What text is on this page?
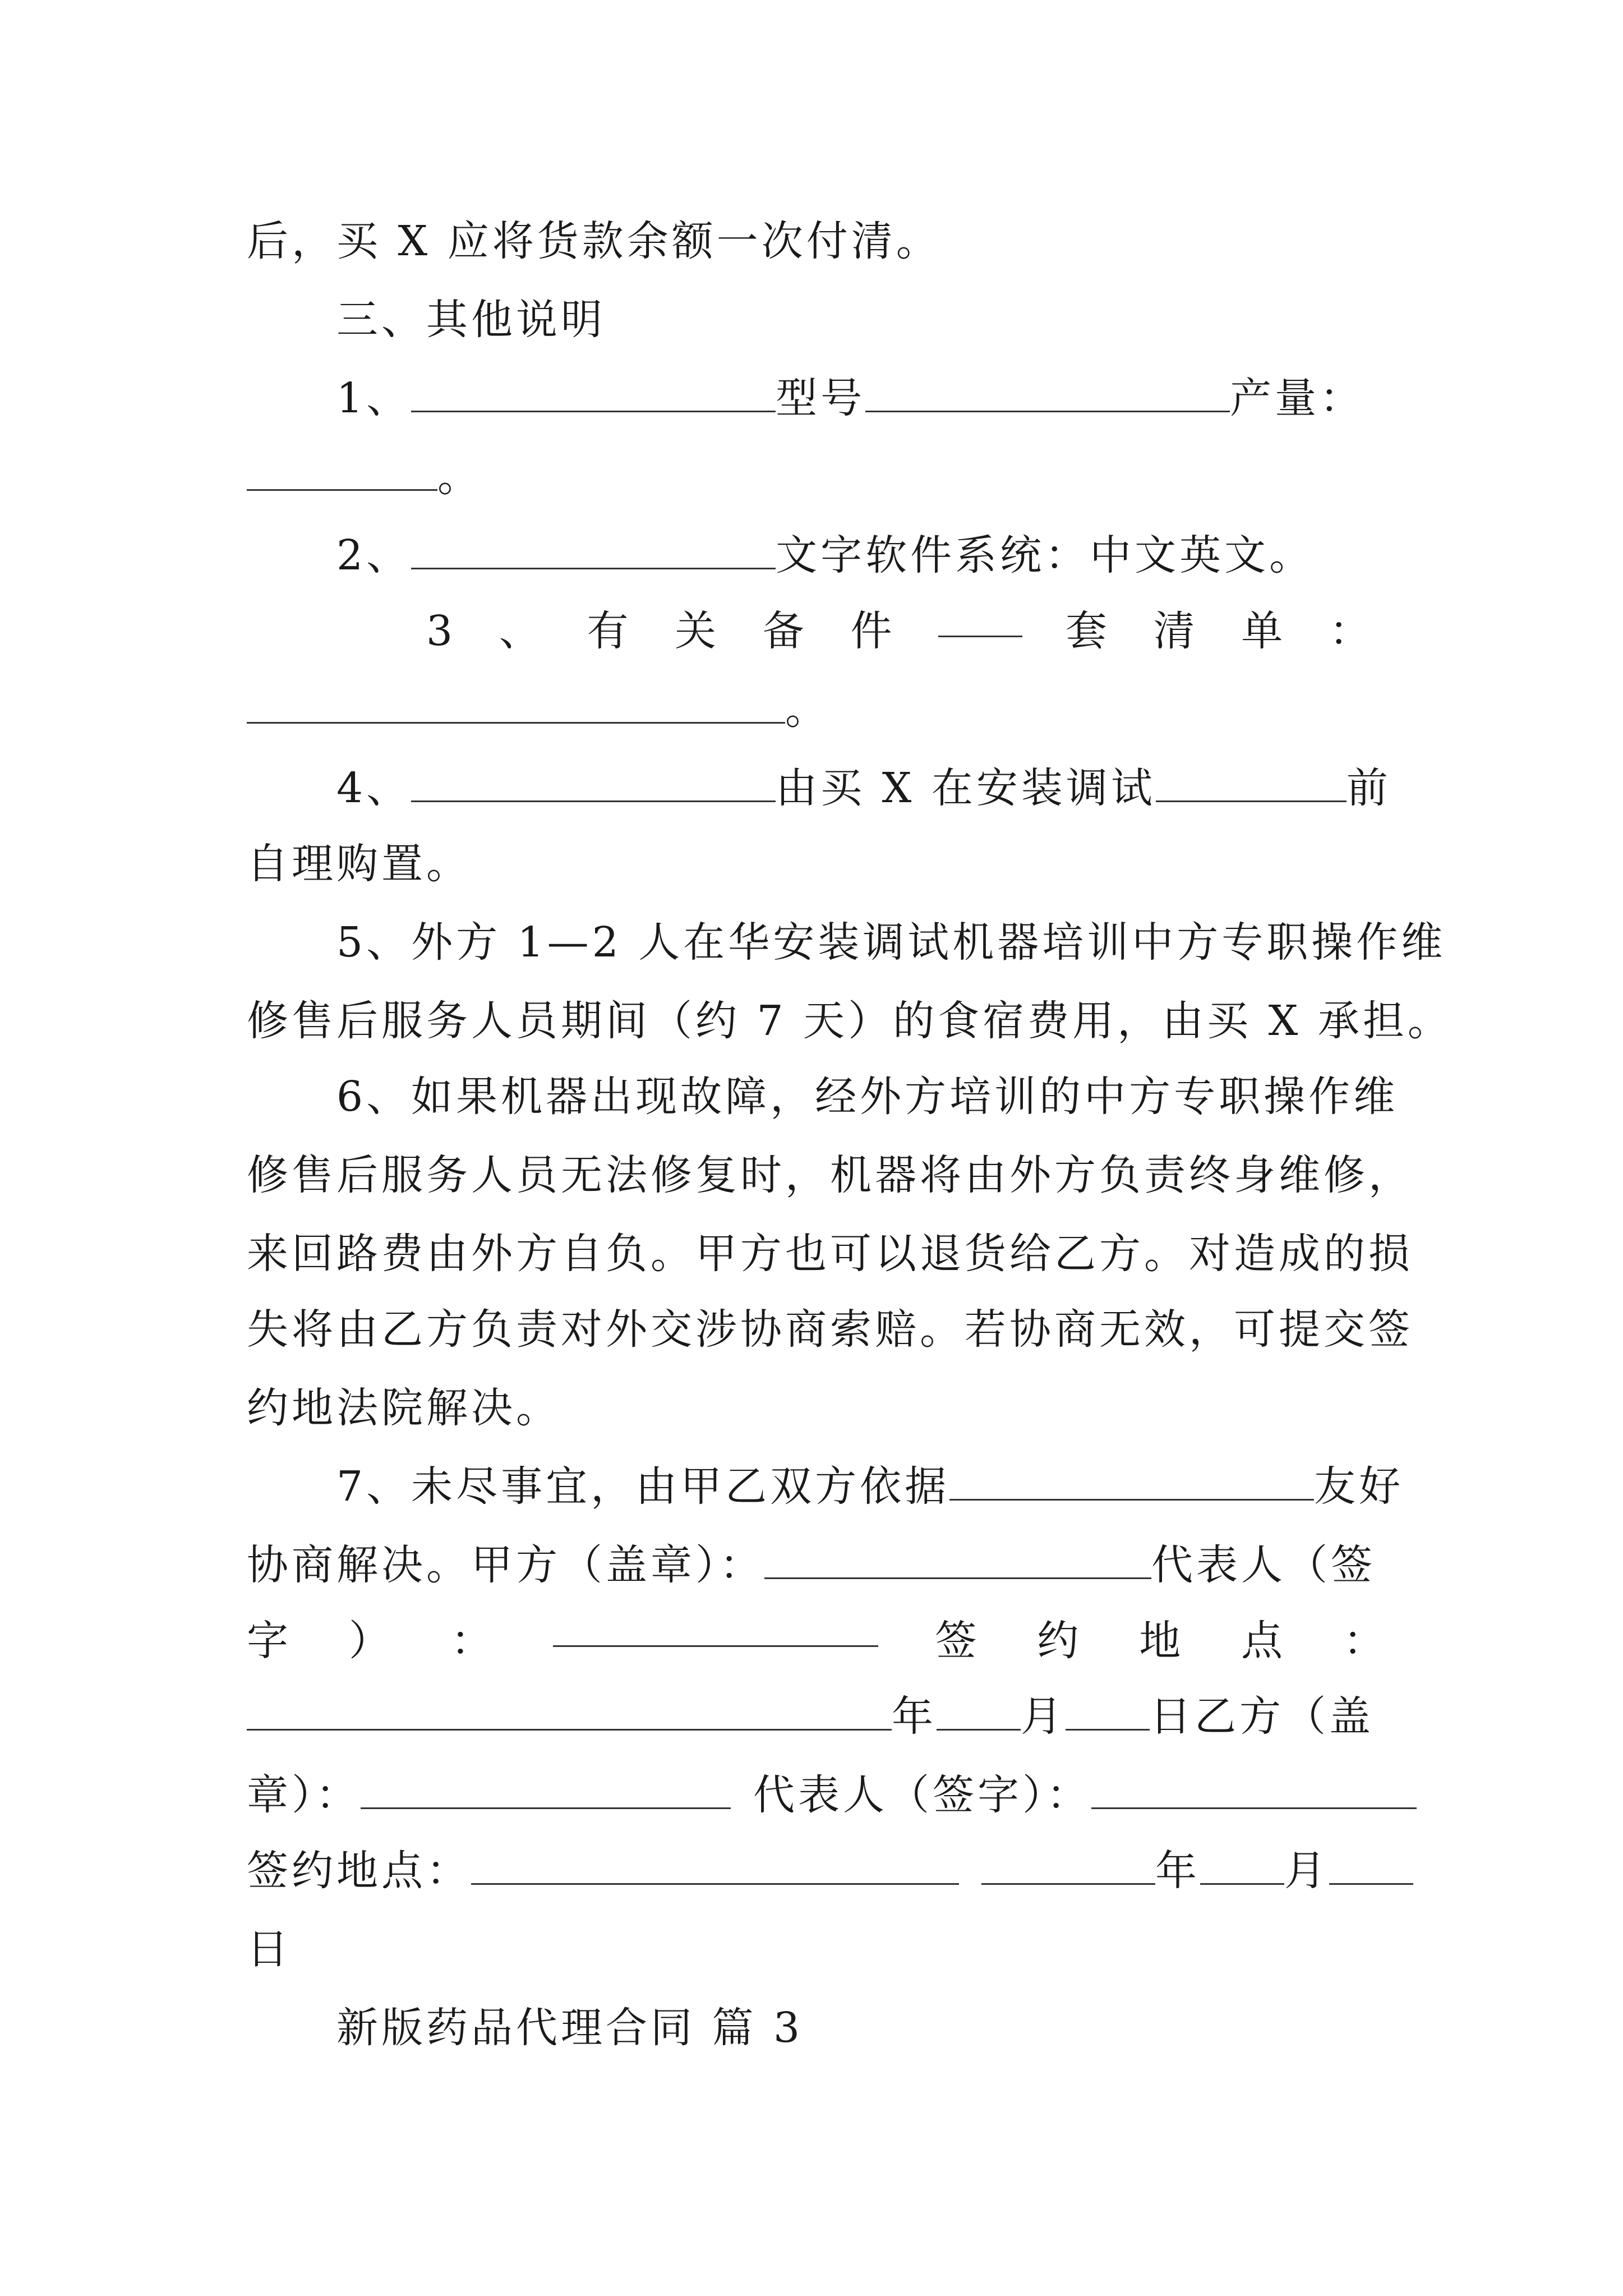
后，买 X 应将货款余额一次付清。
三、其他说明
1、	型号	产量：
。
2、	文字软件系统：中文英文。
3 、 有 关 备 件	套 清 单 ：
。
4、	由买 X 在安装调试	前
自理购置。
5、外方 1—2 人在华安装调试机器培训中方专职操作维
修售后服务人员期间（约 7 天）的食宿费用，由买 X 承担。
6、如果机器出现故障，经外方培训的中方专职操作维
修售后服务人员无法修复时，机器将由外方负责终身维修，
来回路费由外方自负。甲方也可以退货给乙方。对造成的损
失将由乙方负责对外交涉协商索赔。若协商无效，可提交签
约地法院解决。
7、未尽事宜，由甲乙双方依据	友好
协商解决。甲方（盖章）：	代表人（签
字 ） ：	签 约 地 点 ：
年 月 日乙方（盖
章）：	代表人（签字）：
签约地点：	年 月
日
新版药品代理合同 篇 3
